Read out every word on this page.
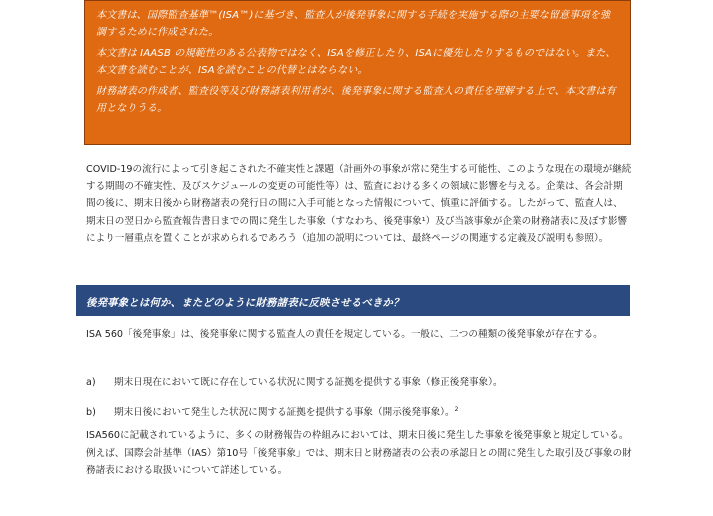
本文書は、国際監査基準™(ISA™)に基づき、監査人が後発事象に関する手続を実施する際の主要な留意事項を強調するために作成された。

本文書は IAASB の規範性のある公表物ではなく、ISAを修正したり、ISAに優先したりするものではない。また、本文書を読むことが、ISAを読むことの代替とはならない。

財務諸表の作成者、監査役等及び財務諸表利用者が、後発事象に関する監査人の責任を理解する上で、本文書は有用となりうる。

COVID-19の流行によって引き起こされた不確実性と課題（計画外の事象が常に発生する可能性、このような現在の環境が継続する期間の不確実性、及びスケジュールの変更の可能性等）は、監査における多くの領域に影響を与える。企業は、各会計期間の後に、期末日後から財務諸表の発行日の間に入手可能となった情報について、慎重に評価する。したがって、監査人は、期末日の翌日から監査報告書日までの間に発生した事象（すなわち、後発事象¹）及び当該事象が企業の財務諸表に及ぼす影響により一層重点を置くことが求められるであろう（追加の説明については、最終ページの関連する定義及び説明も参照）。

後発事象とは何か、またどのように財務諸表に反映させるべきか？

ISA 560「後発事象」は、後発事象に関する監査人の責任を規定している。一般に、二つの種類の後発事象が存在する。

a) 期末日現在において既に存在している状況に関する証拠を提供する事象（修正後発事象）。
b) 期末日後において発生した状況に関する証拠を提供する事象（開示後発事象）。$^2$

ISA560に記載されているように、多くの財務報告の枠組みにおいては、期末日後に発生した事象を後発事象と規定している。例えば、国際会計基準（IAS）第10号「後発事象」では、期末日と財務諸表の公表の承認日との間に発生した取引及び事象の財務諸表における取扱いについて詳述している。
